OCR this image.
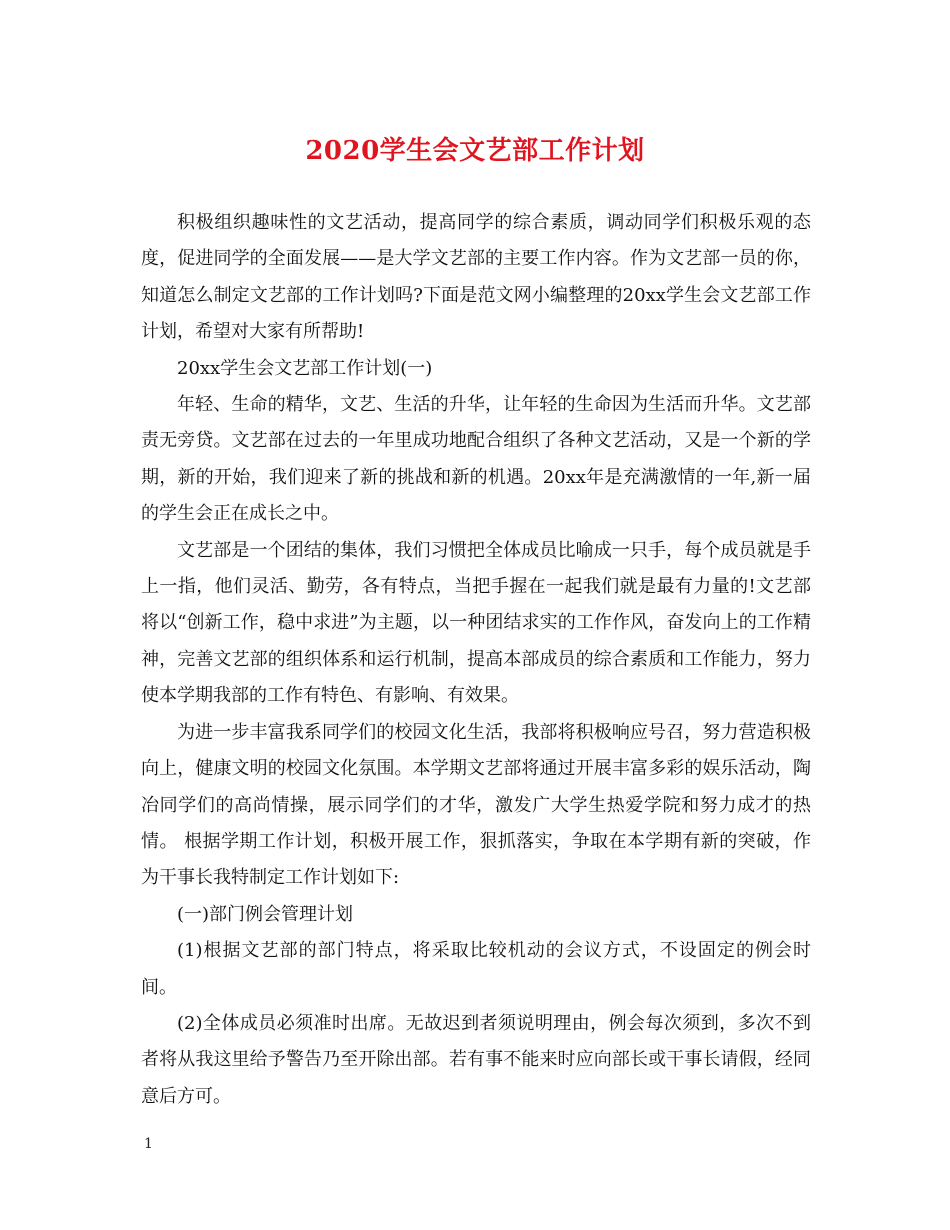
2020学生会文艺部工作计划

积极组织趣味性的文艺活动，提高同学的综合素质，调动同学们积极乐观的态度，促进同学的全面发展——是大学文艺部的主要工作内容。作为文艺部一员的你，知道怎么制定文艺部的工作计划吗?下面是范文网小编整理的20xx学生会文艺部工作计划，希望对大家有所帮助!

20xx学生会文艺部工作计划(一)

年轻、生命的精华，文艺、生活的升华，让年轻的生命因为生活而升华。文艺部责无旁贷。文艺部在过去的一年里成功地配合组织了各种文艺活动，又是一个新的学期，新的开始，我们迎来了新的挑战和新的机遇。20xx年是充满激情的一年,新一届的学生会正在成长之中。

文艺部是一个团结的集体，我们习惯把全体成员比喻成一只手，每个成员就是手上一指，他们灵活、勤劳，各有特点，当把手握在一起我们就是最有力量的!文艺部将以“创新工作，稳中求进”为主题，以一种团结求实的工作作风，奋发向上的工作精神，完善文艺部的组织体系和运行机制，提高本部成员的综合素质和工作能力，努力使本学期我部的工作有特色、有影响、有效果。

为进一步丰富我系同学们的校园文化生活，我部将积极响应号召，努力营造积极向上，健康文明的校园文化氛围。本学期文艺部将通过开展丰富多彩的娱乐活动，陶冶同学们的高尚情操，展示同学们的才华，激发广大学生热爱学院和努力成才的热情。 根据学期工作计划，积极开展工作，狠抓落实，争取在本学期有新的突破，作为干事长我特制定工作计划如下:

(一)部门例会管理计划

(1)根据文艺部的部门特点，将采取比较机动的会议方式，不设固定的例会时间。

(2)全体成员必须准时出席。无故迟到者须说明理由，例会每次须到，多次不到者将从我这里给予警告乃至开除出部。若有事不能来时应向部长或干事长请假，经同意后方可。

1
